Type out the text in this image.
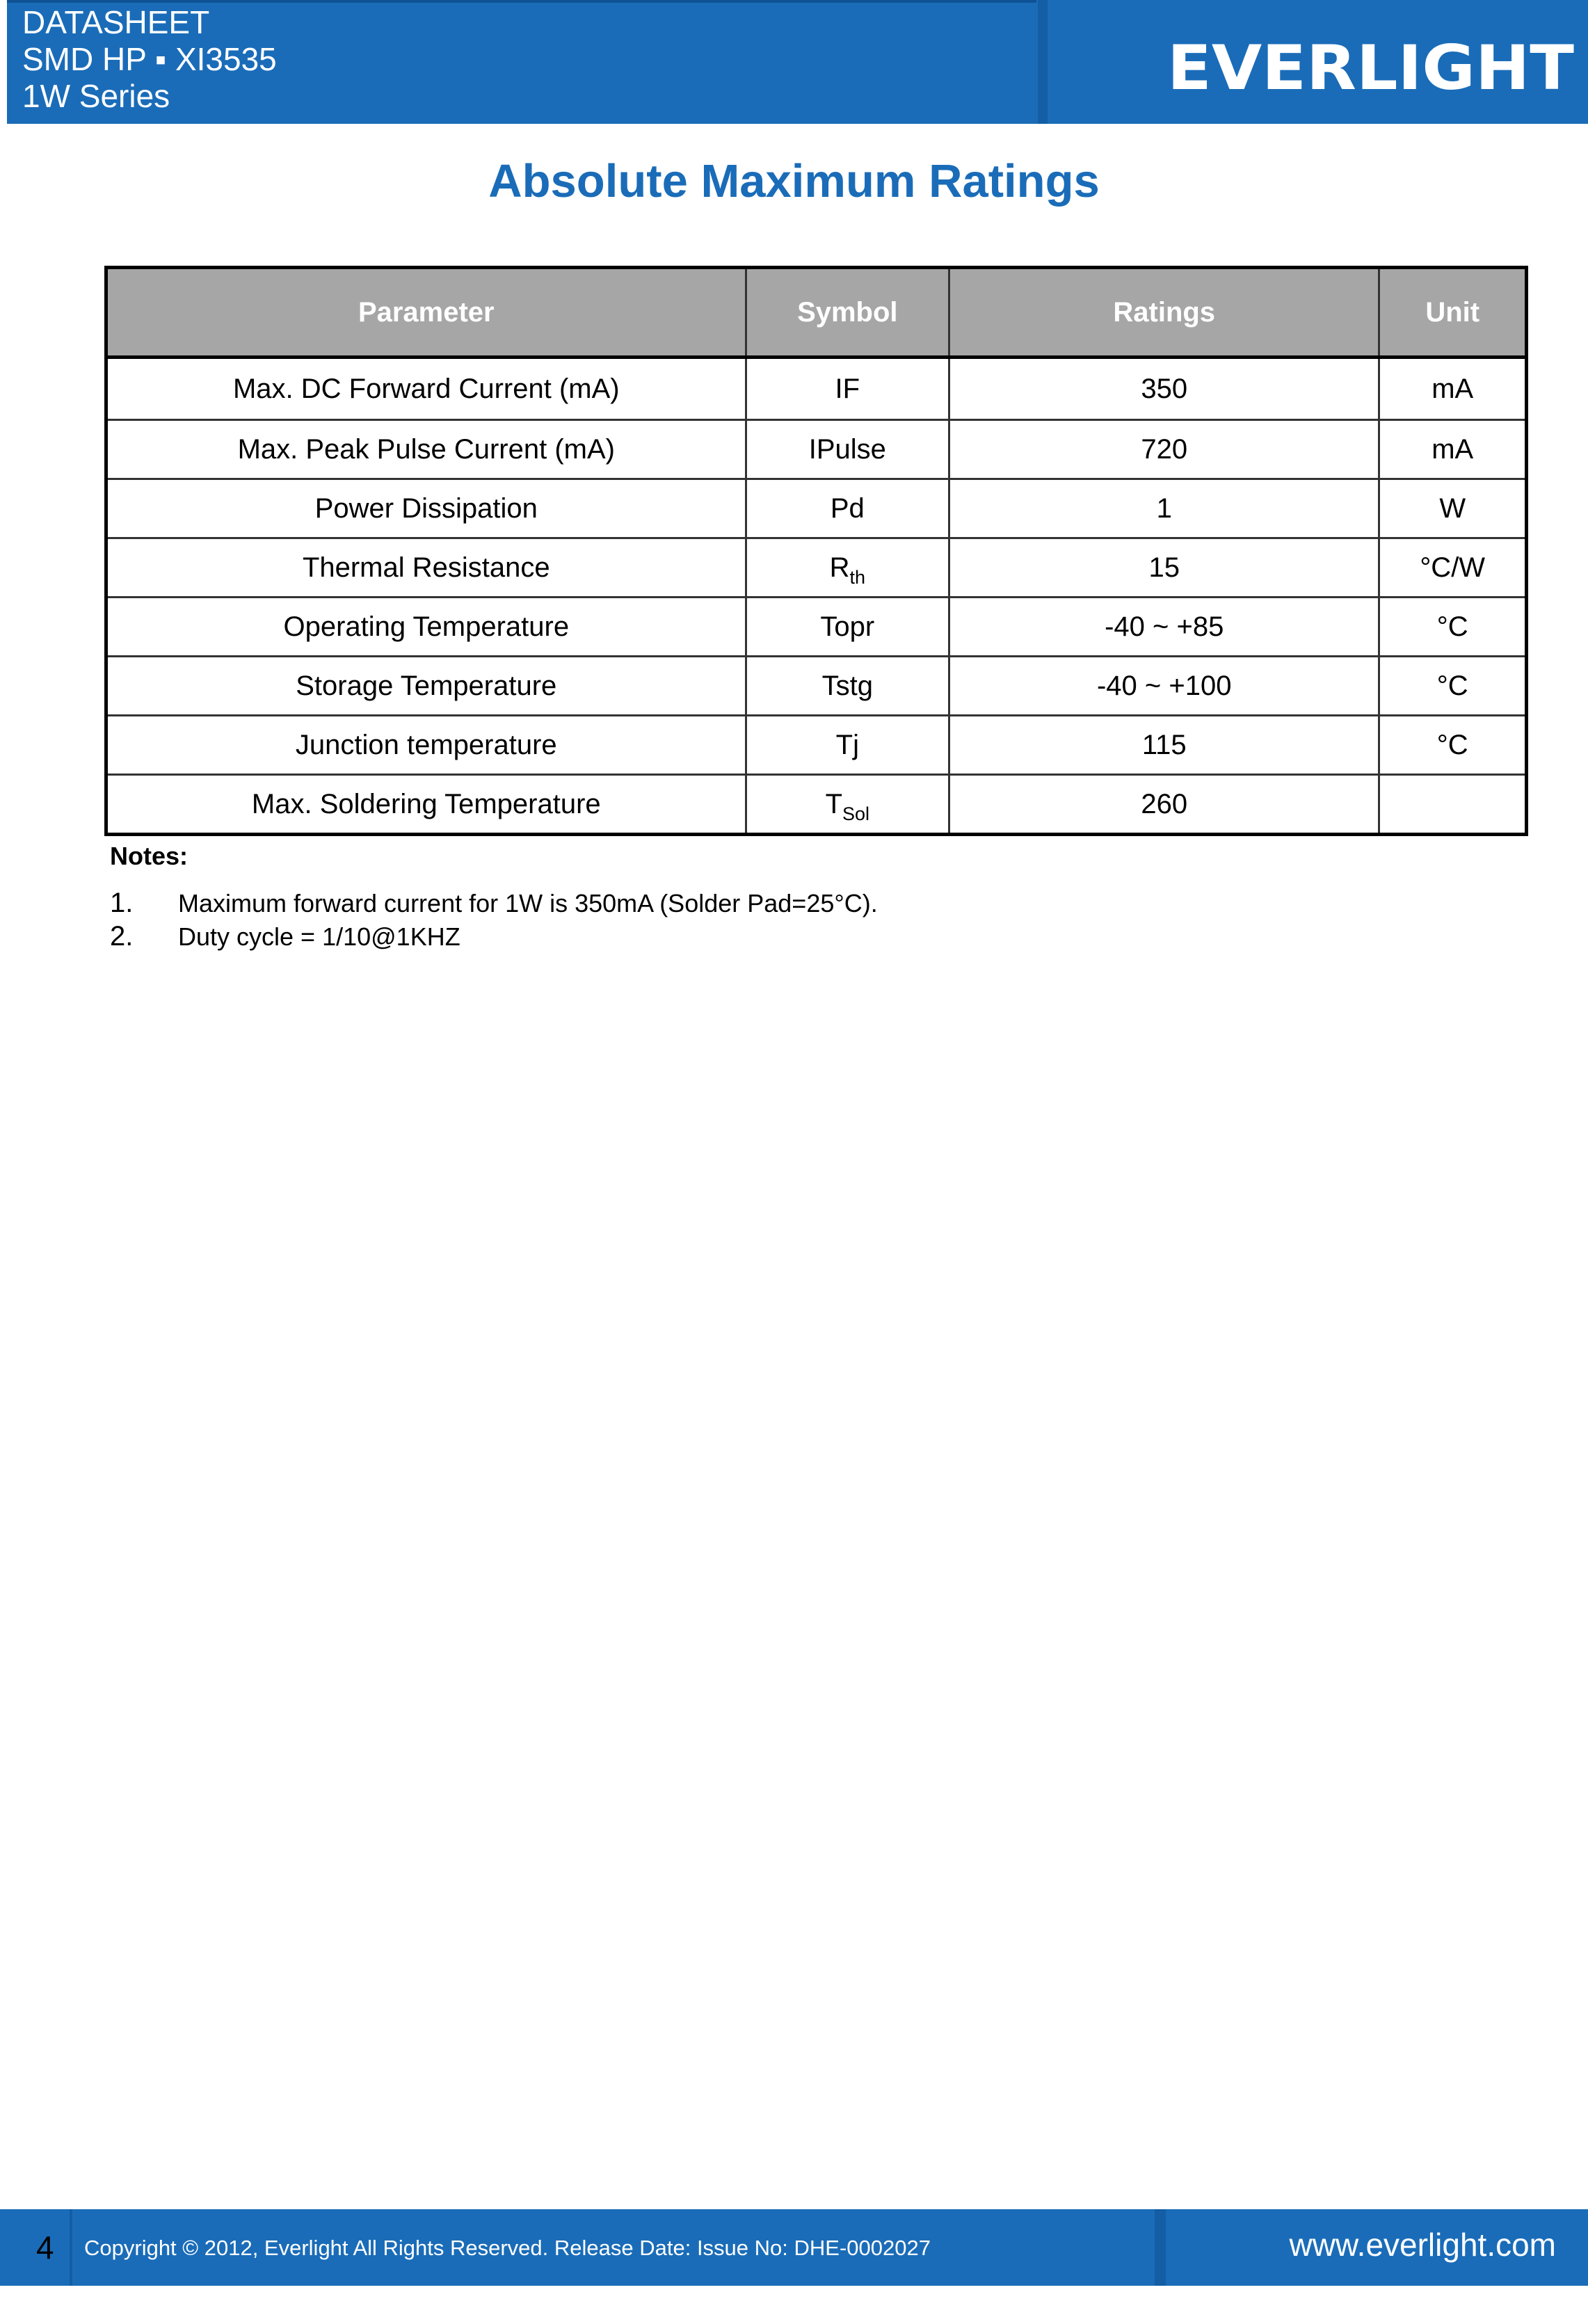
DATASHEET
SMD HP ▪ XI3535
1W Series	EVERLIGHT
Absolute Maximum Ratings
Parameter	Symbol	Ratings	Unit
Max. DC Forward Current (mA)	IF	350	mA
Max. Peak Pulse Current (mA)	IPulse	720	mA
Power Dissipation	Pd	1	W
Thermal Resistance	$R_{th}$	15	°C/W
Operating Temperature	Topr	-40 ~ +85	°C
Storage Temperature	Tstg	-40 ~ +100	°C
Junction temperature	Tj	115	°C
Max. Soldering Temperature	$T_{Sol}$	260	
Notes:
1. Maximum forward current for 1W is 350mA (Solder Pad=25°C).
2. Duty cycle = 1/10@1KHZ
4 Copyright © 2012, Everlight All Rights Reserved. Release Date: Issue No: DHE-0002027	www.everlight.com
